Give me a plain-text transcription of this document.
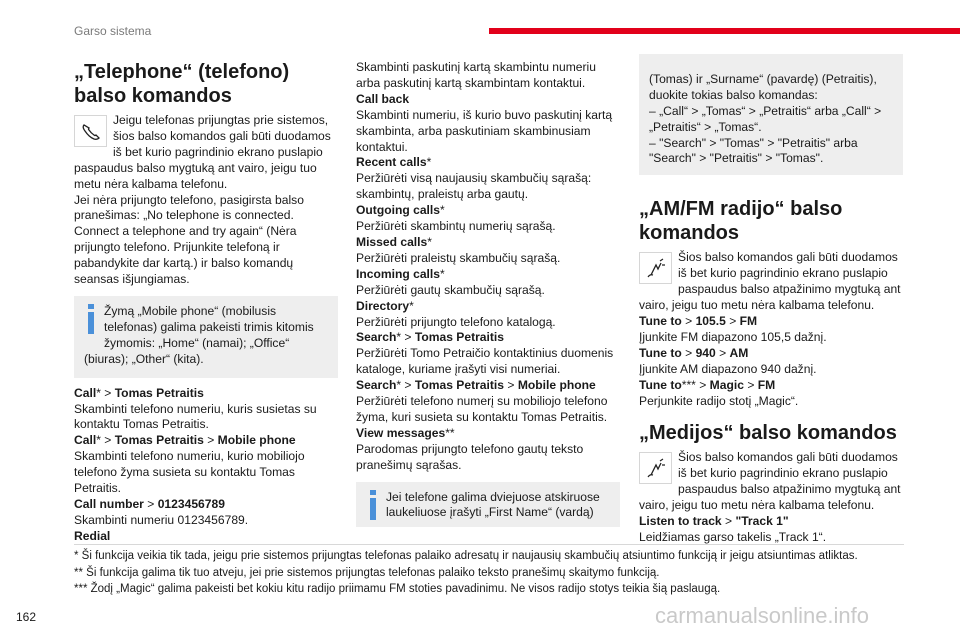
Garso sistema
„Telephone“ (telefono)
balso komandos
Jeigu telefonas prijungtas prie sistemos,
šios balso komandos gali būti duodamos
iš bet kurio pagrindinio ekrano puslapio paspaudus balso mygtuką ant vairo, jeigu tuo metu nėra kalbama telefonu.
Jei nėra prijungto telefono, pasigirsta balso pranešimas: „No telephone is connected. Connect a telephone and try again“ (Nėra prijungto telefono. Prijunkite telefoną ir pabandykite dar kartą.) ir balso komandų seansas išjungiamas.
Žymą „Mobile phone“ (mobilusis telefonas) galima pakeisti trimis kitomis žymomis: „Home“ (namai); „Office“ (biuras); „Other“ (kita).
Call* > Tomas Petraitis
Skambinti telefono numeriu, kuris susietas su kontaktu Tomas Petraitis.
Call* > Tomas Petraitis > Mobile phone
Skambinti telefono numeriu, kurio mobiliojo telefono žyma susieta su kontaktu Tomas Petraitis.
Call number > 0123456789
Skambinti numeriu 0123456789.
Redial
Skambinti paskutinį kartą skambintu numeriu arba paskutinį kartą skambintam kontaktui.
Call back
Skambinti numeriu, iš kurio buvo paskutinį kartą skambinta, arba paskutiniam skambinusiam kontaktui.
Recent calls*
Peržiūrėti visą naujausių skambučių sąrašą: skambintų, praleistų arba gautų.
Outgoing calls*
Peržiūrėti skambintų numerių sąrašą.
Missed calls*
Peržiūrėti praleistų skambučių sąrašą.
Incoming calls*
Peržiūrėti gautų skambučių sąrašą.
Directory*
Peržiūrėti prijungto telefono katalogą.
Search* > Tomas Petraitis
Peržiūrėti Tomo Petraičio kontaktinius duomenis kataloge, kuriame įrašyti visi numeriai.
Search* > Tomas Petraitis > Mobile phone
Peržiūrėti telefono numerį su mobiliojo telefono žyma, kuri susieta su kontaktu Tomas Petraitis.
View messages**
Parodomas prijungto telefono gautų teksto pranešimų sąrašas.
Jei telefone galima dviejuose atskiruose laukeliuose įrašyti „First Name“ (vardą)

(Tomas) ir „Surname“ (pavardę) (Petraitis), duokite tokias balso komandas:
– „Call“ > „Tomas“ > „Petraitis“ arba „Call“ > „Petraitis“ > „Tomas“.
– "Search" > "Tomas" > "Petraitis" arba "Search" > "Petraitis" > "Tomas".

„AM/FM radijo“ balso
komandos
Šios balso komandos gali būti duodamos
iš bet kurio pagrindinio ekrano puslapio
paspaudus balso atpažinimo mygtuką ant vairo, jeigu tuo metu nėra kalbama telefonu.
Tune to > 105.5 > FM
Įjunkite FM diapazono 105,5 dažnį.
Tune to > 940 > AM
Įjunkite AM diapazono 940 dažnį.
Tune to*** > Magic > FM
Perjunkite radijo stotį „Magic“.
„Medijos“ balso komandos
Šios balso komandos gali būti duodamos
iš bet kurio pagrindinio ekrano puslapio
paspaudus balso atpažinimo mygtuką ant vairo, jeigu tuo metu nėra kalbama telefonu.
Listen to track > "Track 1"
Leidžiamas garso takelis „Track 1“.
* Ši funkcija veikia tik tada, jeigu prie sistemos prijungtas telefonas palaiko adresatų ir naujausių skambučių atsiuntimo funkciją ir jeigu atsiuntimas atliktas.
** Ši funkcija galima tik tuo atveju, jei prie sistemos prijungtas telefonas palaiko teksto pranešimų skaitymo funkciją.
*** Žodį „Magic“ galima pakeisti bet kokiu kitu radijo priimamu FM stoties pavadinimu. Ne visos radijo stotys teikia šią paslaugą.
162	carmanualsonline.info
